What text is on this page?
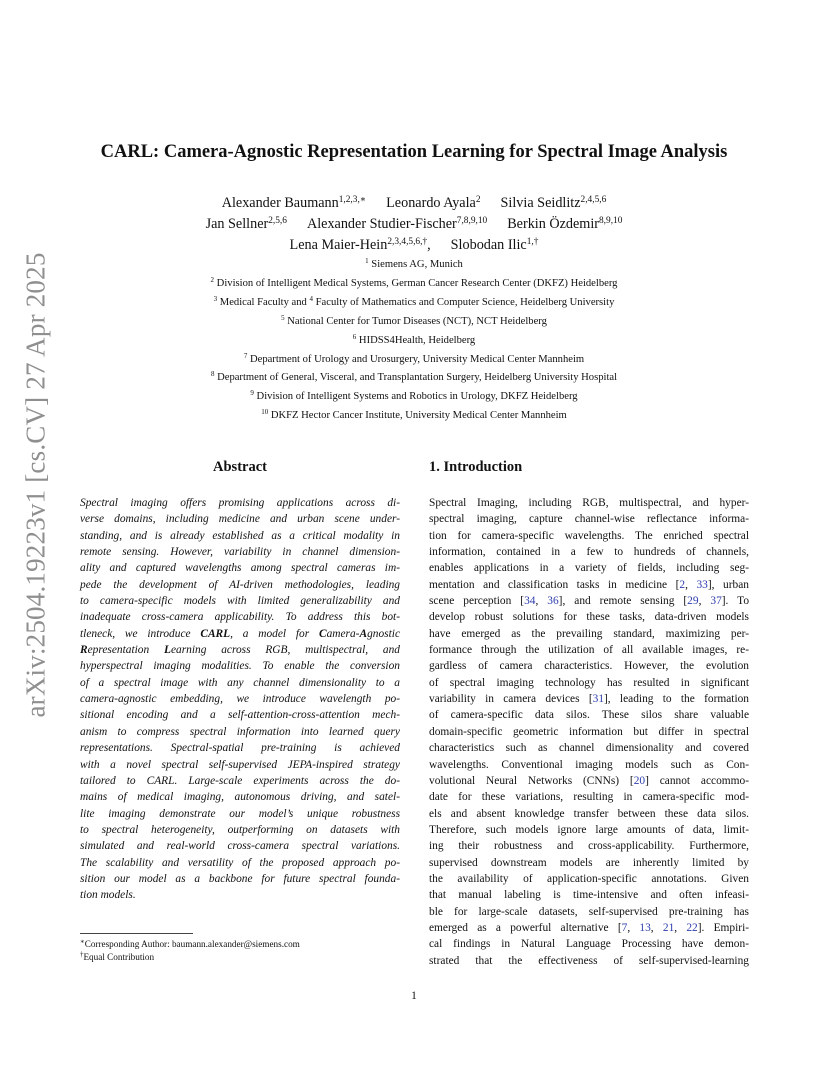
arXiv:2504.19223v1 [cs.CV] 27 Apr 2025
CARL: Camera-Agnostic Representation Learning for Spectral Image Analysis
Alexander Baumann$^{1,2,3,∗}$ Leonardo Ayala$^2$ Silvia Seidlitz$^{2,4,5,6}$
Jan Sellner$^{2,5,6}$ Alexander Studier-Fischer$^{7,8,9,10}$ Berkin Özdemir$^{8,9,10}$
Lena Maier-Hein$^{2,3,4,5,6,\dagger}$, Slobodan Ilic$^{1,\dagger}$
$^1$ Siemens AG, Munich
$^2$ Division of Intelligent Medical Systems, German Cancer Research Center (DKFZ) Heidelberg
$^3$ Medical Faculty and $^4$ Faculty of Mathematics and Computer Science, Heidelberg University
$^5$ National Center for Tumor Diseases (NCT), NCT Heidelberg
$^6$ HIDSS4Health, Heidelberg
$^7$ Department of Urology and Urosurgery, University Medical Center Mannheim
$^8$ Department of General, Visceral, and Transplantation Surgery, Heidelberg University Hospital
$^9$ Division of Intelligent Systems and Robotics in Urology, DKFZ Heidelberg
$^{10}$ DKFZ Hector Cancer Institute, University Medical Center Mannheim
Abstract	1. Introduction
Spectral imaging offers promising applications across di-
verse domains, including medicine and urban scene under-
standing, and is already established as a critical modality in
remote sensing. However, variability in channel dimension-
ality and captured wavelengths among spectral cameras im-
pede the development of AI-driven methodologies, leading
to camera-specific models with limited generalizability and
inadequate cross-camera applicability. To address this bot-
tleneck, we introduce CARL, a model for Camera-Agnostic
Representation Learning across RGB, multispectral, and
hyperspectral imaging modalities. To enable the conversion
of a spectral image with any channel dimensionality to a
camera-agnostic embedding, we introduce wavelength po-
sitional encoding and a self-attention-cross-attention mech-
anism to compress spectral information into learned query
representations. Spectral-spatial pre-training is achieved
with a novel spectral self-supervised JEPA-inspired strategy
tailored to CARL. Large-scale experiments across the do-
mains of medical imaging, autonomous driving, and satel-
lite imaging demonstrate our model’s unique robustness
to spectral heterogeneity, outperforming on datasets with
simulated and real-world cross-camera spectral variations.
The scalability and versatility of the proposed approach po-
sition our model as a backbone for future spectral founda-
tion models.
Spectral Imaging, including RGB, multispectral, and hyper-
spectral imaging, capture channel-wise reflectance informa-
tion for camera-specific wavelengths. The enriched spectral
information, contained in a few to hundreds of channels,
enables applications in a variety of fields, including seg-
mentation and classification tasks in medicine [2, 33], urban
scene perception [34, 36], and remote sensing [29, 37]. To
develop robust solutions for these tasks, data-driven models
have emerged as the prevailing standard, maximizing per-
formance through the utilization of all available images, re-
gardless of camera characteristics. However, the evolution
of spectral imaging technology has resulted in significant
variability in camera devices [31], leading to the formation
of camera-specific data silos. These silos share valuable
domain-specific geometric information but differ in spectral
characteristics such as channel dimensionality and covered
wavelengths. Conventional imaging models such as Con-
volutional Neural Networks (CNNs) [20] cannot accommo-
date for these variations, resulting in camera-specific mod-
els and absent knowledge transfer between these data silos.
Therefore, such models ignore large amounts of data, limit-
ing their robustness and cross-applicability. Furthermore,
supervised downstream models are inherently limited by
the availability of application-specific annotations. Given
that manual labeling is time-intensive and often infeasi-
ble for large-scale datasets, self-supervised pre-training has
emerged as a powerful alternative [7, 13, 21, 22]. Empiri-
cal findings in Natural Language Processing have demon-
strated that the effectiveness of self-supervised-learning
∗Corresponding Author: baumann.alexander@siemens.com
†Equal Contribution
1
